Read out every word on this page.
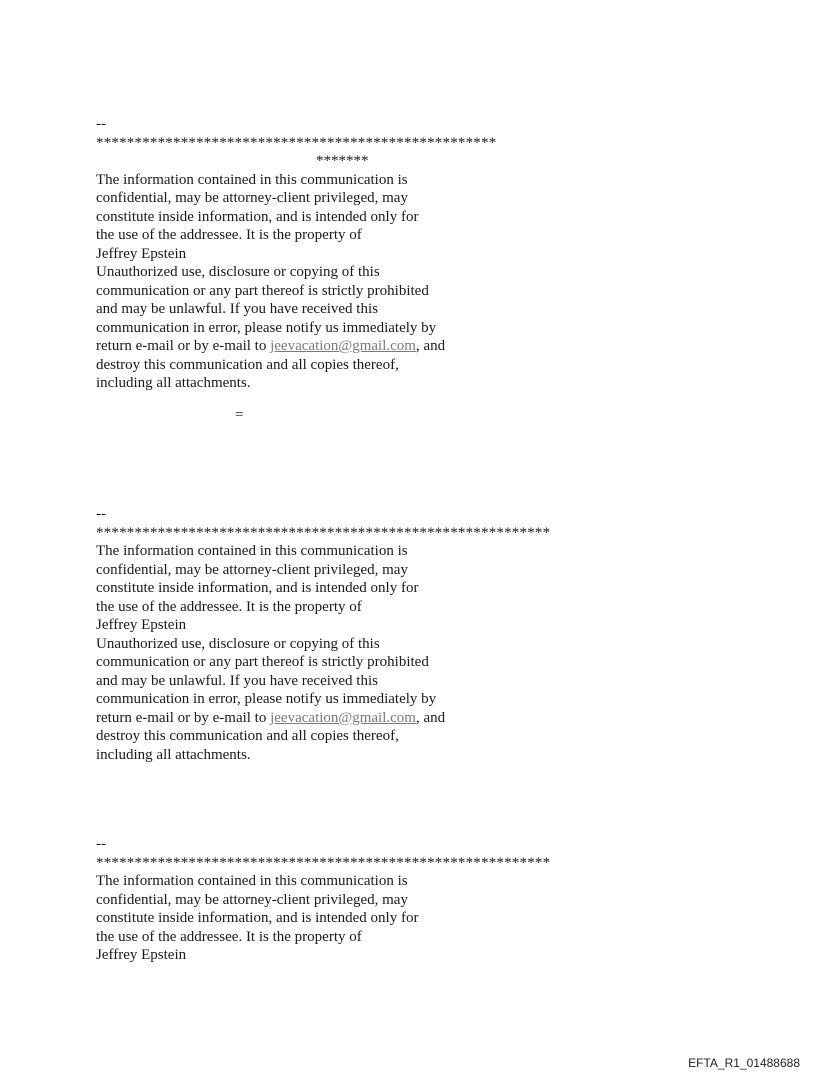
--
****************************************************
*******
The information contained in this communication is
confidential, may be attorney-client privileged, may
constitute inside information, and is intended only for
the use of the addressee. It is the property of
Jeffrey Epstein
Unauthorized use, disclosure or copying of this
communication or any part thereof is strictly prohibited
and may be unlawful. If you have received this
communication in error, please notify us immediately by
return e-mail or by e-mail to jeevacation@gmail.com, and
destroy this communication and all copies thereof,
including all attachments.
=
--
***********************************************************
The information contained in this communication is
confidential, may be attorney-client privileged, may
constitute inside information, and is intended only for
the use of the addressee. It is the property of
Jeffrey Epstein
Unauthorized use, disclosure or copying of this
communication or any part thereof is strictly prohibited
and may be unlawful. If you have received this
communication in error, please notify us immediately by
return e-mail or by e-mail to jeevacation@gmail.com, and
destroy this communication and all copies thereof,
including all attachments.
--
***********************************************************
The information contained in this communication is
confidential, may be attorney-client privileged, may
constitute inside information, and is intended only for
the use of the addressee. It is the property of
Jeffrey Epstein
EFTA_R1_01488688
